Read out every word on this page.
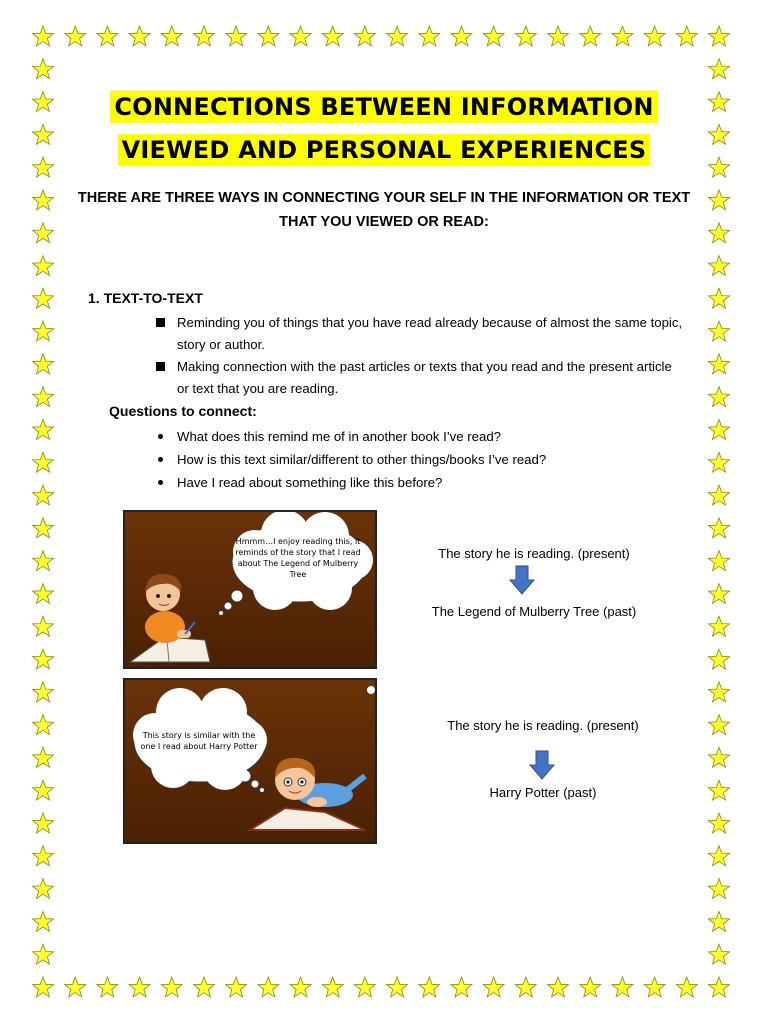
CONNECTIONS BETWEEN INFORMATION
VIEWED AND PERSONAL EXPERIENCES
THERE ARE THREE WAYS IN CONNECTING YOUR SELF IN THE INFORMATION OR TEXT THAT YOU VIEWED OR READ:
1. TEXT-TO-TEXT
Reminding you of things that you have read already because of almost the same topic, story or author.
Making connection with the past articles or texts that you read and the present article or text that you are reading.
Questions to connect:
What does this remind me of in another book I’ve read?
How is this text similar/different to other things/books I’ve read?
Have I read about something like this before?
Hmmm…I enjoy reading this, it reminds of the story that I read about The Legend of Mulberry Tree
The story he is reading. (present)
The Legend of Mulberry Tree (past)
This story is similar with the one I read about Harry Potter
The story he is reading. (present)
Harry Potter (past)
